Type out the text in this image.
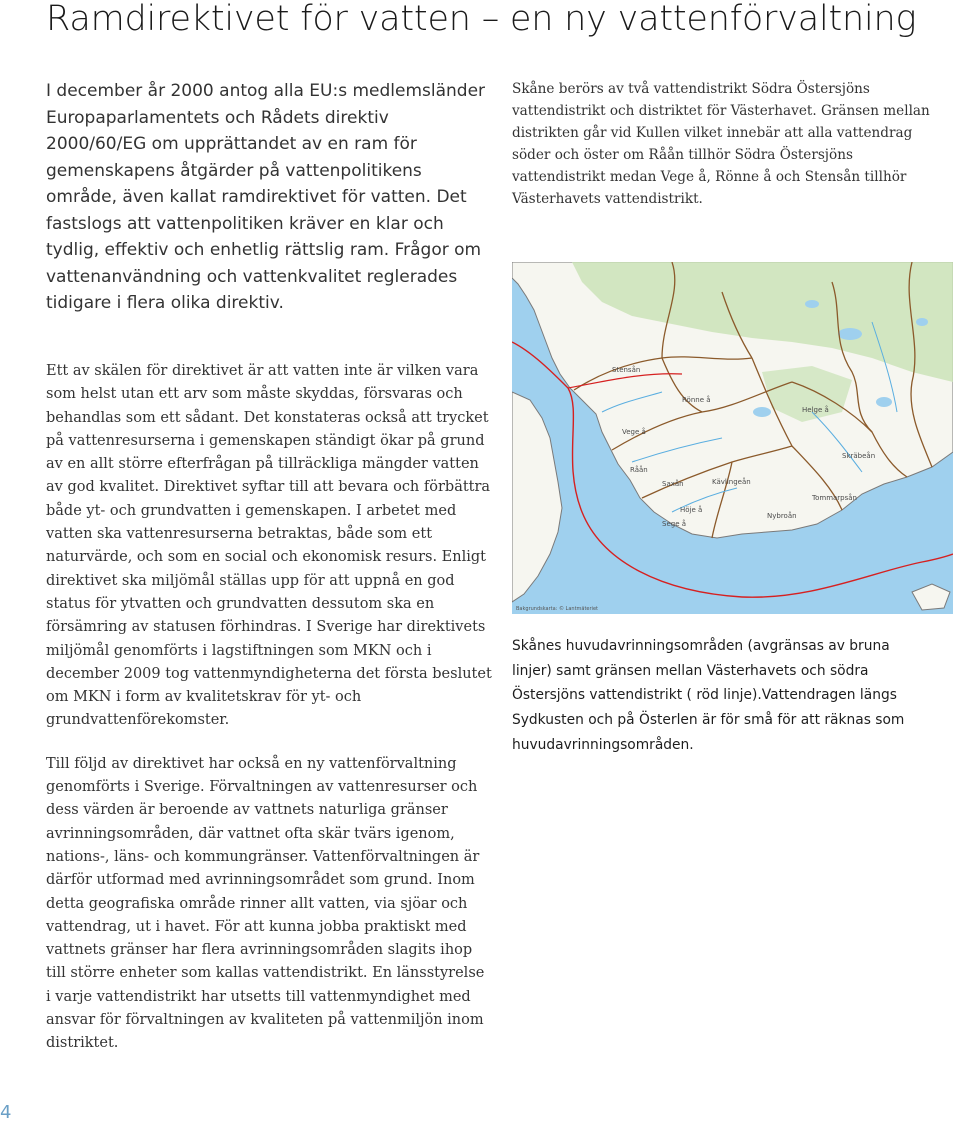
Ramdirektivet för vatten – en ny vattenförvaltning
I december år 2000 antog alla EU:s medlemsländer Europaparlamentets och Rådets direktiv 2000/60/EG om upprättandet av en ram för gemenskapens åtgärder på vattenpolitikens område, även kallat ramdirektivet för vatten. Det fastslogs att vattenpolitiken kräver en klar och tydlig, effektiv och enhetlig rättslig ram. Frågor om vattenanvändning och vattenkvalitet reglerades tidigare i flera olika direktiv.

Ett av skälen för direktivet är att vatten inte är vilken vara som helst utan ett arv som måste skyddas, försvaras och behandlas som ett sådant. Det konstateras också att trycket på vattenresurserna i gemenskapen ständigt ökar på grund av en allt större efterfrågan på tillräckliga mängder vatten av god kvalitet. Direktivet syftar till att bevara och förbättra både yt- och grundvatten i gemenskapen. I arbetet med vatten ska vattenresurserna betraktas, både som ett naturvärde, och som en social och ekonomisk resurs. Enligt direktivet ska miljömål ställas upp för att uppnå en god status för ytvatten och grundvatten dessutom ska en försämring av statusen förhindras. I Sverige har direktivets miljömål genomförts i lagstiftningen som MKN och i december 2009 tog vattenmyndigheterna det första beslutet om MKN i form av kvalitetskrav för yt- och grundvattenförekomster.

Till följd av direktivet har också en ny vattenförvaltning genomförts i Sverige. Förvaltningen av vattenresurser och dess värden är beroende av vattnets naturliga gränser avrinningsområden, där vattnet ofta skär tvärs igenom, nations-, läns- och kommungränser. Vattenförvaltningen är därför utformad med avrinningsområdet som grund. Inom detta geografiska område rinner allt vatten, via sjöar och vattendrag, ut i havet. För att kunna jobba praktiskt med vattnets gränser har flera avrinningsområden slagits ihop till större enheter som kallas vattendistrikt. En länsstyrelse i varje vattendistrikt har utsetts till vattenmyndighet med ansvar för förvaltningen av kvaliteten på vattenmiljön inom distriktet.

Skåne berörs av två vattendistrikt Södra Östersjöns vattendistrikt och distriktet för Västerhavet. Gränsen mellan distrikten går vid Kullen vilket innebär att alla vattendrag söder och öster om Råån tillhör Södra Östersjöns vattendistrikt medan Vege å, Rönne å och Stensån tillhör Västerhavets vattendistrikt.
Stensån
Rönne å
Vege å
Råån
Saxån	Kävlingeån
Höje å
Sege å
Helge å
Skräbeån
Tommarpsån
Nybroån
Bakgrundskarta: © Lantmäteriet
Skånes huvudavrinningsområden (avgränsas av bruna linjer) samt gränsen mellan Västerhavets och södra Östersjöns vattendistrikt ( röd linje).Vattendragen längs Sydkusten och på Österlen är för små för att räknas som huvudavrinningsområden.
4
